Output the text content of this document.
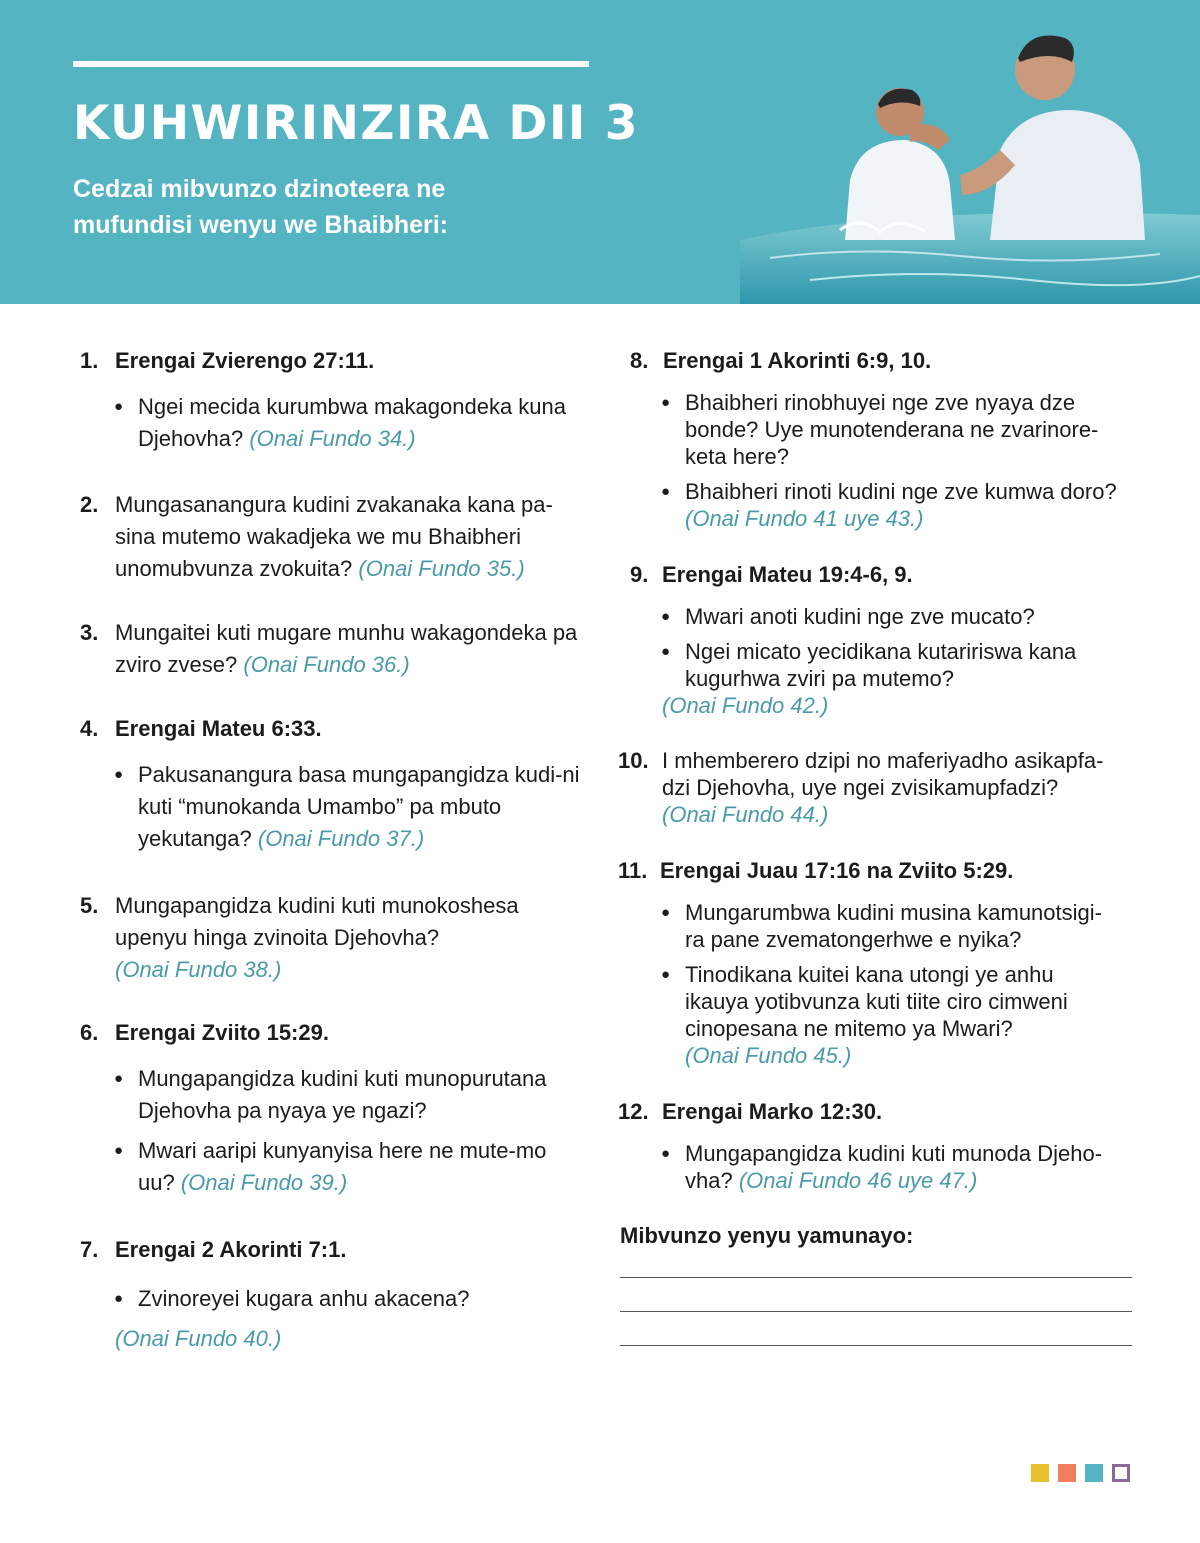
KUHWIRINZIRA DII 3

Cedzai mibvunzo dzinoteera ne mufundisi wenyu we Bhaibheri:

1. Erengai Zvierengo 27:11.
● Ngei mecida kurumbwa makagondeka kuna Djehovha? (Onai Fundo 34.)
2. Mungasanangura kudini zvakanaka kana pa-sina mutemo wakadjeka we mu Bhaibheri unomubvunza zvokuita? (Onai Fundo 35.)
3. Mungaitei kuti mugare munhu wakagondeka pa zviro zvese? (Onai Fundo 36.)
4. Erengai Mateu 6:33.
● Pakusanangura basa mungapangidza kudi-ni kuti “munokanda Umambo” pa mbuto yekutanga? (Onai Fundo 37.)
5. Mungapangidza kudini kuti munokoshesa upenyu hinga zvinoita Djehovha?
(Onai Fundo 38.)
6. Erengai Zviito 15:29.
● Mungapangidza kudini kuti munopurutana Djehovha pa nyaya ye ngazi?
● Mwari aaripi kunyanyisa here ne mute-mo uu? (Onai Fundo 39.)
7. Erengai 2 Akorinti 7:1.
● Zvinoreyei kugara anhu akacena?
(Onai Fundo 40.)
8. Erengai 1 Akorinti 6:9, 10.
● Bhaibheri rinobhuyei nge zve nyaya dze bonde? Uye munotenderana ne zvarinore-keta here?
● Bhaibheri rinoti kudini nge zve kumwa doro? (Onai Fundo 41 uye 43.)
9. Erengai Mateu 19:4-6, 9.
● Mwari anoti kudini nge zve mucato?
● Ngei micato yecidikana kutaririswa kana kugurhwa zviri pa mutemo?
(Onai Fundo 42.)
10. I mhemberero dzipi no maferiyadho asikapfa-dzi Djehovha, uye ngei zvisikamupfadzi?
(Onai Fundo 44.)
11. Erengai Juau 17:16 na Zviito 5:29.
● Mungarumbwa kudini musina kamunotsigi-ra pane zvematongerhwe e nyika?
● Tinodikana kuitei kana utongi ye anhu ikauya yotibvunza kuti tiite ciro cimweni cinopesana ne mitemo ya Mwari?
(Onai Fundo 45.)
12. Erengai Marko 12:30.
● Mungapangidza kudini kuti munoda Djeho-vha? (Onai Fundo 46 uye 47.)

Mibvunzo yenyu yamunayo:
